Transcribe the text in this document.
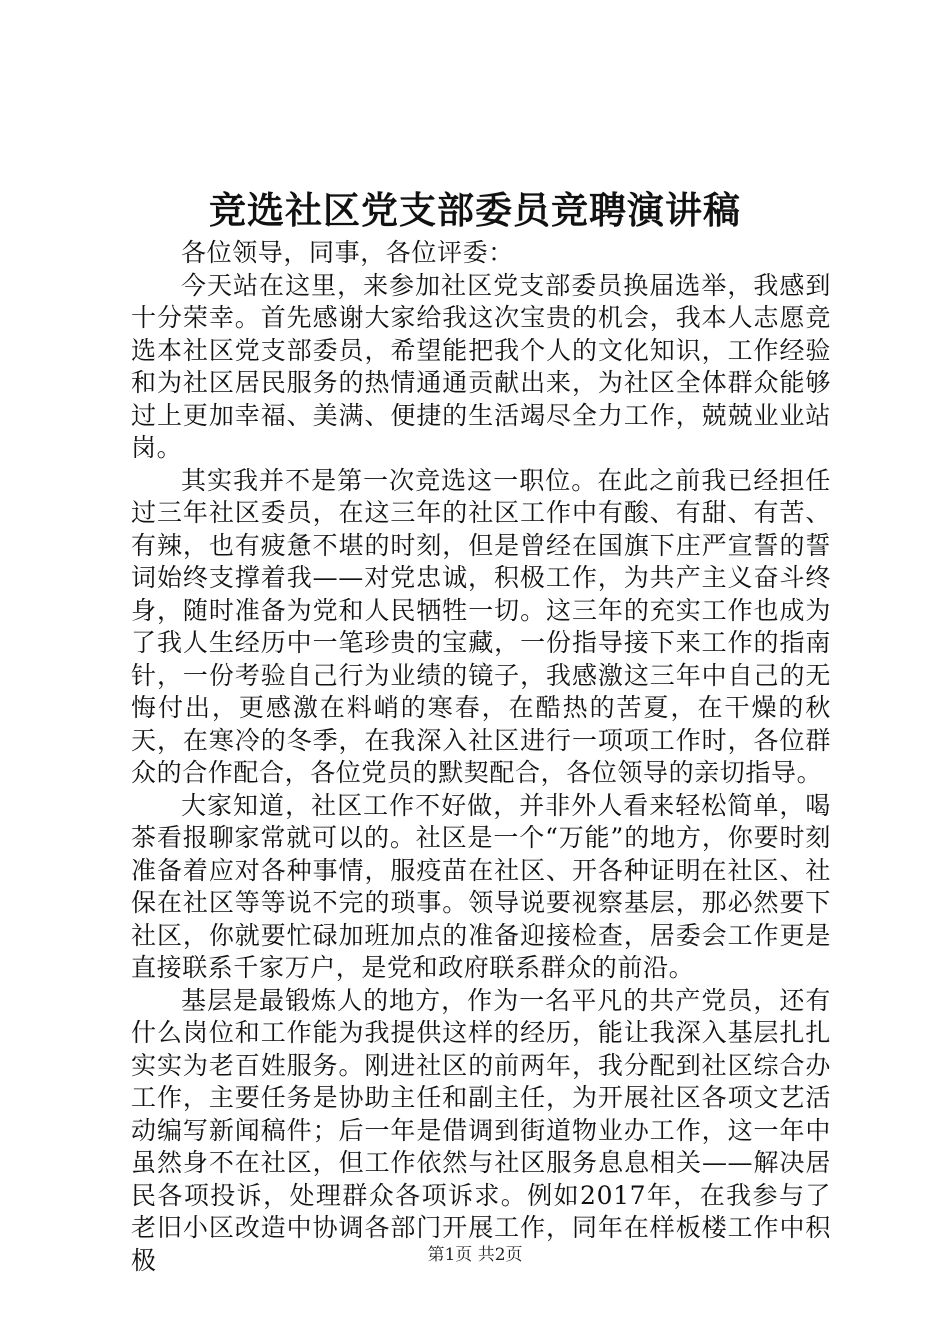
竞选社区党支部委员竞聘演讲稿

各位领导，同事，各位评委：

今天站在这里，来参加社区党支部委员换届选举，我感到十分荣幸。首先感谢大家给我这次宝贵的机会，我本人志愿竞选本社区党支部委员，希望能把我个人的文化知识，工作经验和为社区居民服务的热情通通贡献出来，为社区全体群众能够过上更加幸福、美满、便捷的生活竭尽全力工作，兢兢业业站岗。

其实我并不是第一次竞选这一职位。在此之前我已经担任过三年社区委员，在这三年的社区工作中有酸、有甜、有苦、有辣，也有疲惫不堪的时刻，但是曾经在国旗下庄严宣誓的誓词始终支撑着我——对党忠诚，积极工作，为共产主义奋斗终身，随时准备为党和人民牺牲一切。这三年的充实工作也成为了我人生经历中一笔珍贵的宝藏，一份指导接下来工作的指南针，一份考验自己行为业绩的镜子，我感激这三年中自己的无悔付出，更感激在料峭的寒春，在酷热的苦夏，在干燥的秋天，在寒冷的冬季，在我深入社区进行一项项工作时，各位群众的合作配合，各位党员的默契配合，各位领导的亲切指导。

大家知道，社区工作不好做，并非外人看来轻松简单，喝茶看报聊家常就可以的。社区是一个“万能”的地方，你要时刻准备着应对各种事情，服疫苗在社区、开各种证明在社区、社保在社区等等说不完的琐事。领导说要视察基层，那必然要下社区，你就要忙碌加班加点的准备迎接检查，居委会工作更是直接联系千家万户，是党和政府联系群众的前沿。

基层是最锻炼人的地方，作为一名平凡的共产党员，还有什么岗位和工作能为我提供这样的经历，能让我深入基层扎扎实实为老百姓服务。刚进社区的前两年，我分配到社区综合办工作，主要任务是协助主任和副主任，为开展社区各项文艺活动编写新闻稿件；后一年是借调到街道物业办工作，这一年中虽然身不在社区，但工作依然与社区服务息息相关——解决居民各项投诉，处理群众各项诉求。例如2017年，在我参与了老旧小区改造中协调各部门开展工作，同年在样板楼工作中积极	第1页 共2页
